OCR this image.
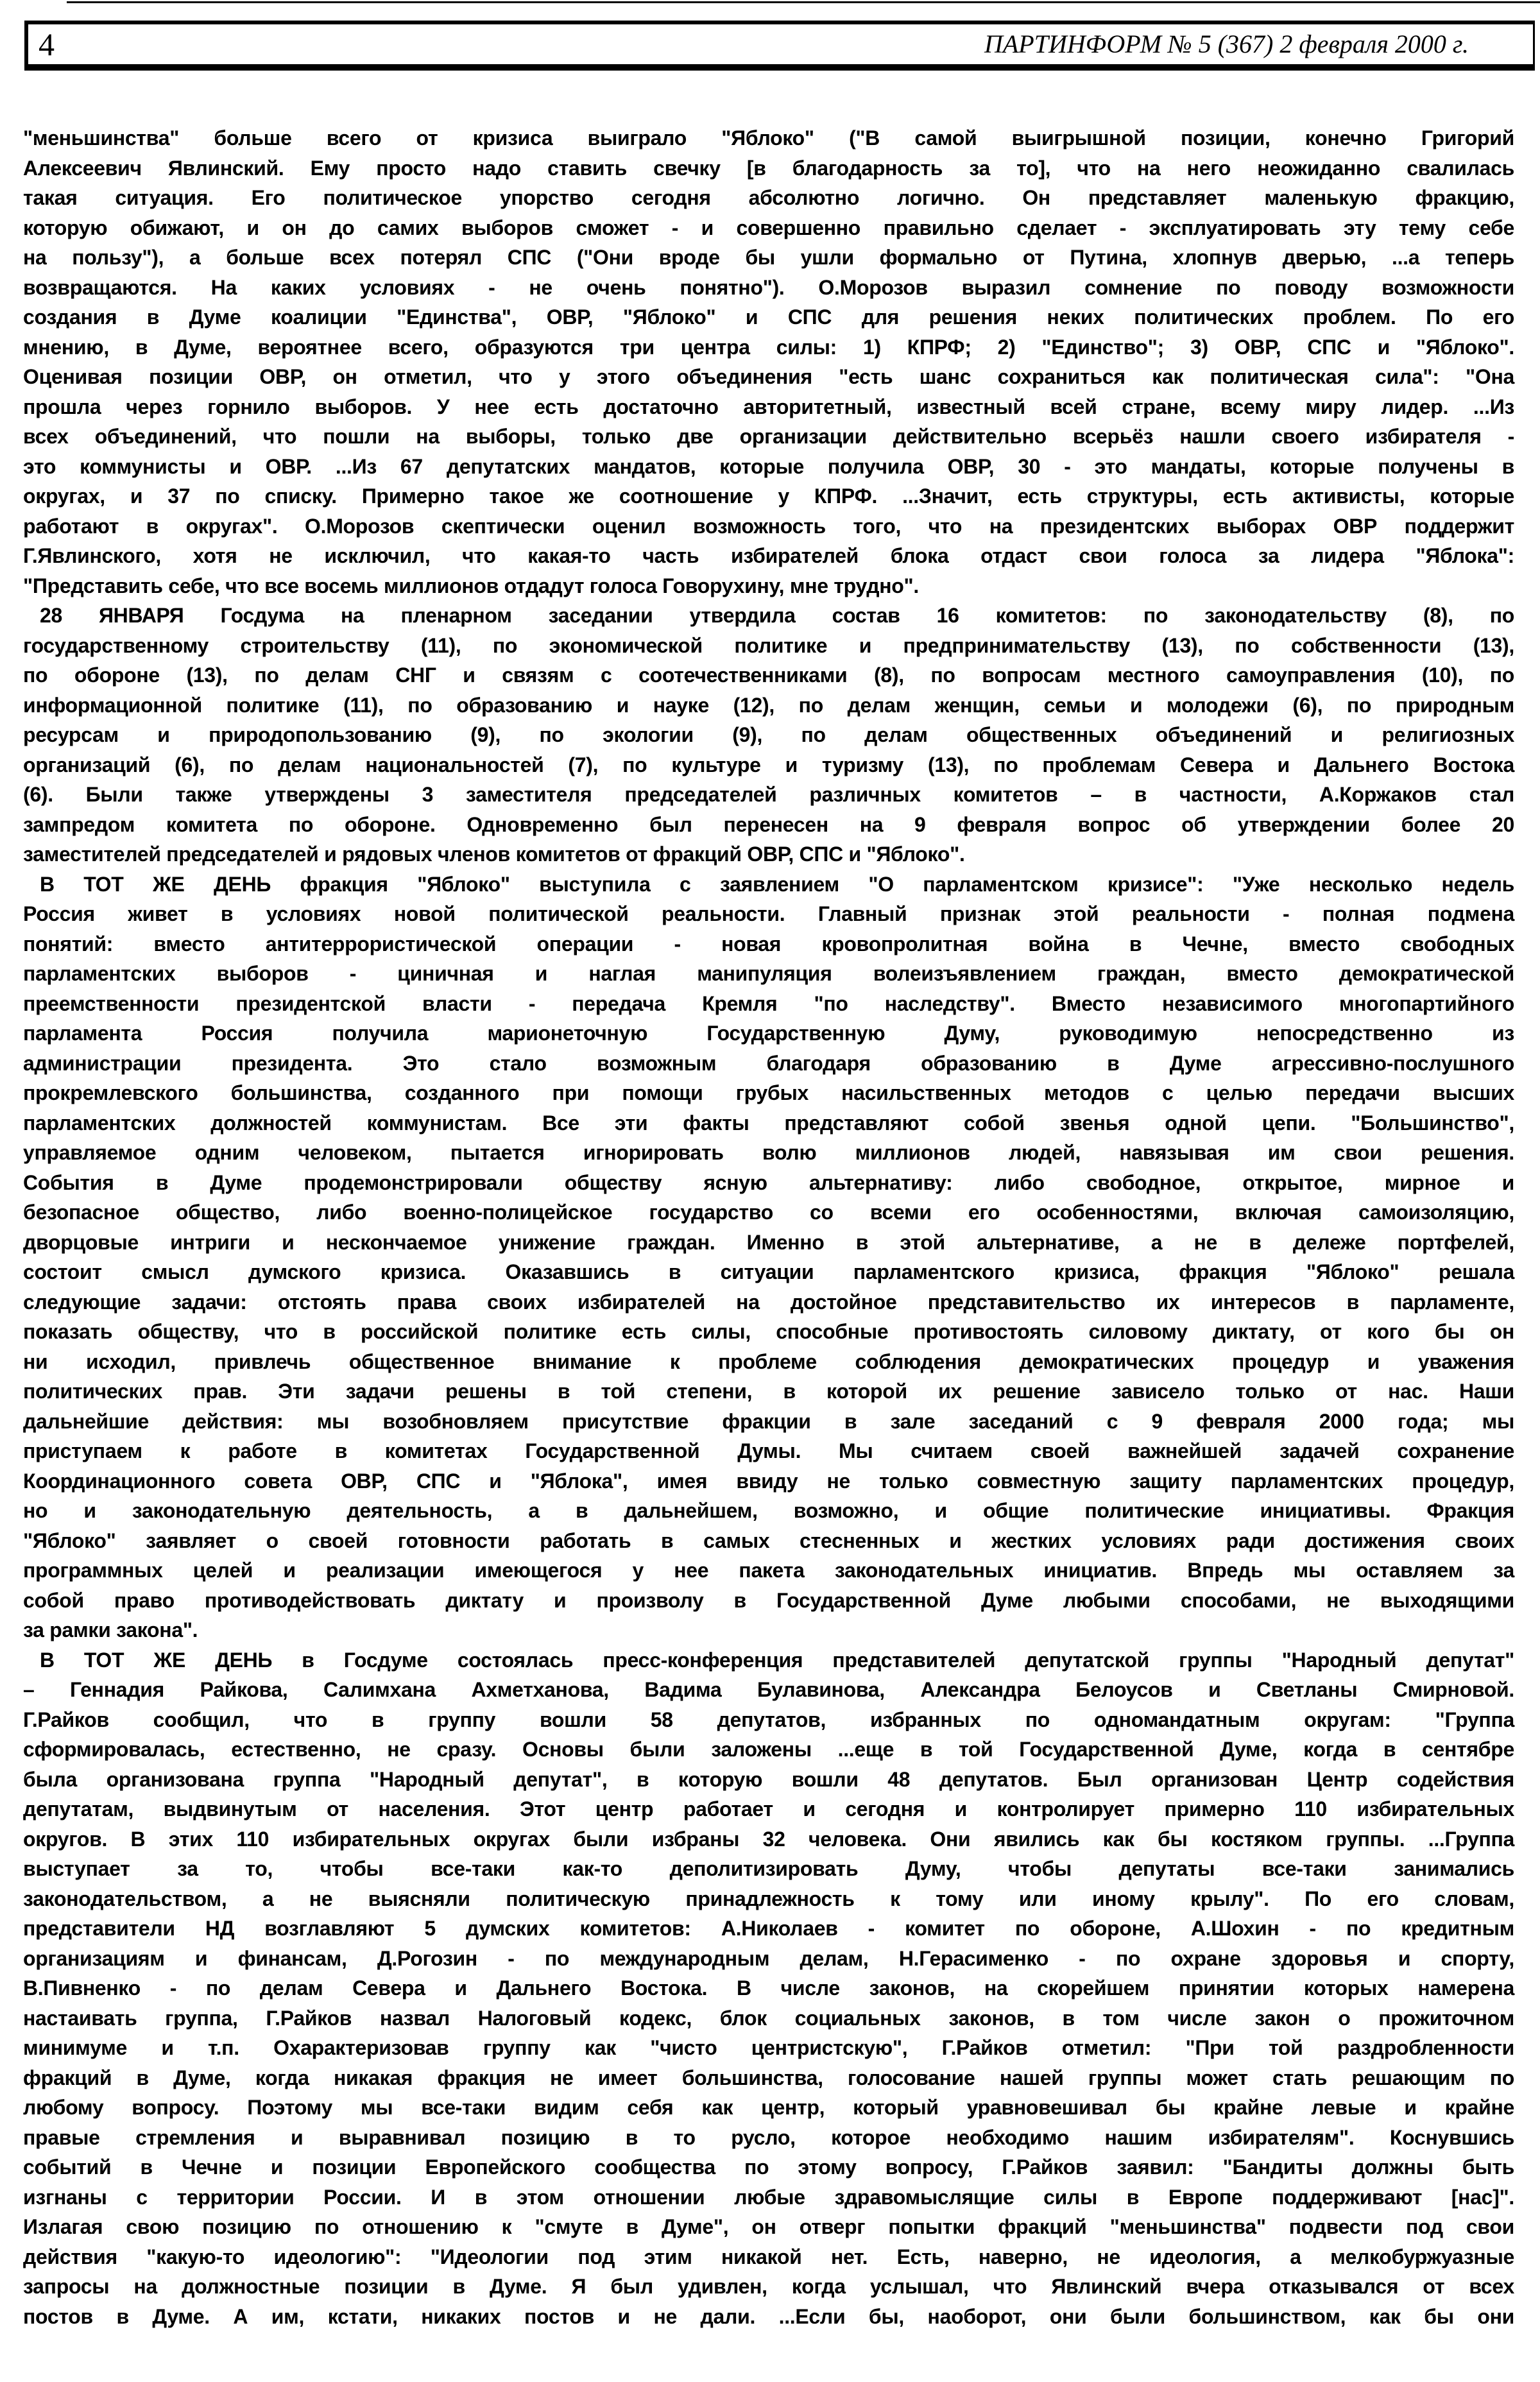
4	ПАРТИНФОРМ № 5 (367) 2 февраля 2000 г.
"меньшинства" больше всего от кризиса выиграло "Яблоко" ("В самой выигрышной позиции, конечно Григорий
Алексеевич Явлинский. Ему просто надо ставить свечку [в благодарность за то], что на него неожиданно свалилась
такая ситуация. Его политическое упорство сегодня абсолютно логично. Он представляет маленькую фракцию,
которую обижают, и он до самих выборов сможет - и совершенно правильно сделает - эксплуатировать эту тему себе
на пользу"), а больше всех потерял СПС ("Они вроде бы ушли формально от Путина, хлопнув дверью, ...а теперь
возвращаются. На каких условиях - не очень понятно"). О.Морозов выразил сомнение по поводу возможности
создания в Думе коалиции "Единства", ОВР, "Яблоко" и СПС для решения неких политических проблем. По его
мнению, в Думе, вероятнее всего, образуются три центра силы: 1) КПРФ; 2) "Единство"; 3) ОВР, СПС и "Яблоко".
Оценивая позиции ОВР, он отметил, что у этого объединения "есть шанс сохраниться как политическая сила": "Она
прошла через горнило выборов. У нее есть достаточно авторитетный, известный всей стране, всему миру лидер. ...Из
всех объединений, что пошли на выборы, только две организации действительно всерьёз нашли своего избирателя -
это коммунисты и ОВР. ...Из 67 депутатских мандатов, которые получила ОВР, 30 - это мандаты, которые получены в
округах, и 37 по списку. Примерно такое же соотношение у КПРФ. ...Значит, есть структуры, есть активисты, которые
работают в округах". О.Морозов скептически оценил возможность того, что на президентских выборах ОВР поддержит
Г.Явлинского, хотя не исключил, что какая-то часть избирателей блока отдаст свои голоса за лидера "Яблока":
"Представить себе, что все восемь миллионов отдадут голоса Говорухину, мне трудно".
28 ЯНВАРЯ Госдума на пленарном заседании утвердила состав 16 комитетов: по законодательству (8), по
государственному строительству (11), по экономической политике и предпринимательству (13), по собственности (13),
по обороне (13), по делам СНГ и связям с соотечественниками (8), по вопросам местного самоуправления (10), по
информационной политике (11), по образованию и науке (12), по делам женщин, семьи и молодежи (6), по природным
ресурсам и природопользованию (9), по экологии (9), по делам общественных объединений и религиозных
организаций (6), по делам национальностей (7), по культуре и туризму (13), по проблемам Севера и Дальнего Востока
(6). Были также утверждены 3 заместителя председателей различных комитетов – в частности, А.Коржаков стал
зампредом комитета по обороне. Одновременно был перенесен на 9 февраля вопрос об утверждении более 20
заместителей председателей и рядовых членов комитетов от фракций ОВР, СПС и "Яблоко".
В ТОТ ЖЕ ДЕНЬ фракция "Яблоко" выступила с заявлением "О парламентском кризисе": "Уже несколько недель
Россия живет в условиях новой политической реальности. Главный признак этой реальности - полная подмена
понятий: вместо антитеррористической операции - новая кровопролитная война в Чечне, вместо свободных
парламентских выборов - циничная и наглая манипуляция волеизъявлением граждан, вместо демократической
преемственности президентской власти - передача Кремля "по наследству". Вместо независимого многопартийного
парламента Россия получила марионеточную Государственную Думу, руководимую непосредственно из
администрации президента. Это стало возможным благодаря образованию в Думе агрессивно-послушного
прокремлевского большинства, созданного при помощи грубых насильственных методов с целью передачи высших
парламентских должностей коммунистам. Все эти факты представляют собой звенья одной цепи. "Большинство",
управляемое одним человеком, пытается игнорировать волю миллионов людей, навязывая им свои решения.
События в Думе продемонстрировали обществу ясную альтернативу: либо свободное, открытое, мирное и
безопасное общество, либо военно-полицейское государство со всеми его особенностями, включая самоизоляцию,
дворцовые интриги и нескончаемое унижение граждан. Именно в этой альтернативе, а не в дележе портфелей,
состоит смысл думского кризиса. Оказавшись в ситуации парламентского кризиса, фракция "Яблоко" решала
следующие задачи: отстоять права своих избирателей на достойное представительство их интересов в парламенте,
показать обществу, что в российской политике есть силы, способные противостоять силовому диктату, от кого бы он
ни исходил, привлечь общественное внимание к проблеме соблюдения демократических процедур и уважения
политических прав. Эти задачи решены в той степени, в которой их решение зависело только от нас. Наши
дальнейшие действия: мы возобновляем присутствие фракции в зале заседаний с 9 февраля 2000 года; мы
приступаем к работе в комитетах Государственной Думы. Мы считаем своей важнейшей задачей сохранение
Координационного совета ОВР, СПС и "Яблока", имея ввиду не только совместную защиту парламентских процедур,
но и законодательную деятельность, а в дальнейшем, возможно, и общие политические инициативы. Фракция
"Яблоко" заявляет о своей готовности работать в самых стесненных и жестких условиях ради достижения своих
программных целей и реализации имеющегося у нее пакета законодательных инициатив. Впредь мы оставляем за
собой право противодействовать диктату и произволу в Государственной Думе любыми способами, не выходящими
за рамки закона".
В ТОТ ЖЕ ДЕНЬ в Госдуме состоялась пресс-конференция представителей депутатской группы "Народный депутат"
– Геннадия Райкова, Салимхана Ахметханова, Вадима Булавинова, Александра Белоусов и Светланы Смирновой.
Г.Райков сообщил, что в группу вошли 58 депутатов, избранных по одномандатным округам: "Группа
сформировалась, естественно, не сразу. Основы были заложены ...еще в той Государственной Думе, когда в сентябре
была организована группа "Народный депутат", в которую вошли 48 депутатов. Был организован Центр содействия
депутатам, выдвинутым от населения. Этот центр работает и сегодня и контролирует примерно 110 избирательных
округов. В этих 110 избирательных округах были избраны 32 человека. Они явились как бы костяком группы. ...Группа
выступает за то, чтобы все-таки как-то деполитизировать Думу, чтобы депутаты все-таки занимались
законодательством, а не выясняли политическую принадлежность к тому или иному крылу". По его словам,
представители НД возглавляют 5 думских комитетов: А.Николаев - комитет по обороне, А.Шохин - по кредитным
организациям и финансам, Д.Рогозин - по международным делам, Н.Герасименко - по охране здоровья и спорту,
В.Пивненко - по делам Севера и Дальнего Востока. В числе законов, на скорейшем принятии которых намерена
настаивать группа, Г.Райков назвал Налоговый кодекс, блок социальных законов, в том числе закон о прожиточном
минимуме и т.п. Охарактеризовав группу как "чисто центристскую", Г.Райков отметил: "При той раздробленности
фракций в Думе, когда никакая фракция не имеет большинства, голосование нашей группы может стать решающим по
любому вопросу. Поэтому мы все-таки видим себя как центр, который уравновешивал бы крайне левые и крайне
правые стремления и выравнивал позицию в то русло, которое необходимо нашим избирателям". Коснувшись
событий в Чечне и позиции Европейского сообщества по этому вопросу, Г.Райков заявил: "Бандиты должны быть
изгнаны с территории России. И в этом отношении любые здравомыслящие силы в Европе поддерживают [нас]".
Излагая свою позицию по отношению к "смуте в Думе", он отверг попытки фракций "меньшинства" подвести под свои
действия "какую-то идеологию": "Идеологии под этим никакой нет. Есть, наверно, не идеология, а мелкобуржуазные
запросы на должностные позиции в Думе. Я был удивлен, когда услышал, что Явлинский вчера отказывался от всех
постов в Думе. А им, кстати, никаких постов и не дали. ...Если бы, наоборот, они были большинством, как бы они
